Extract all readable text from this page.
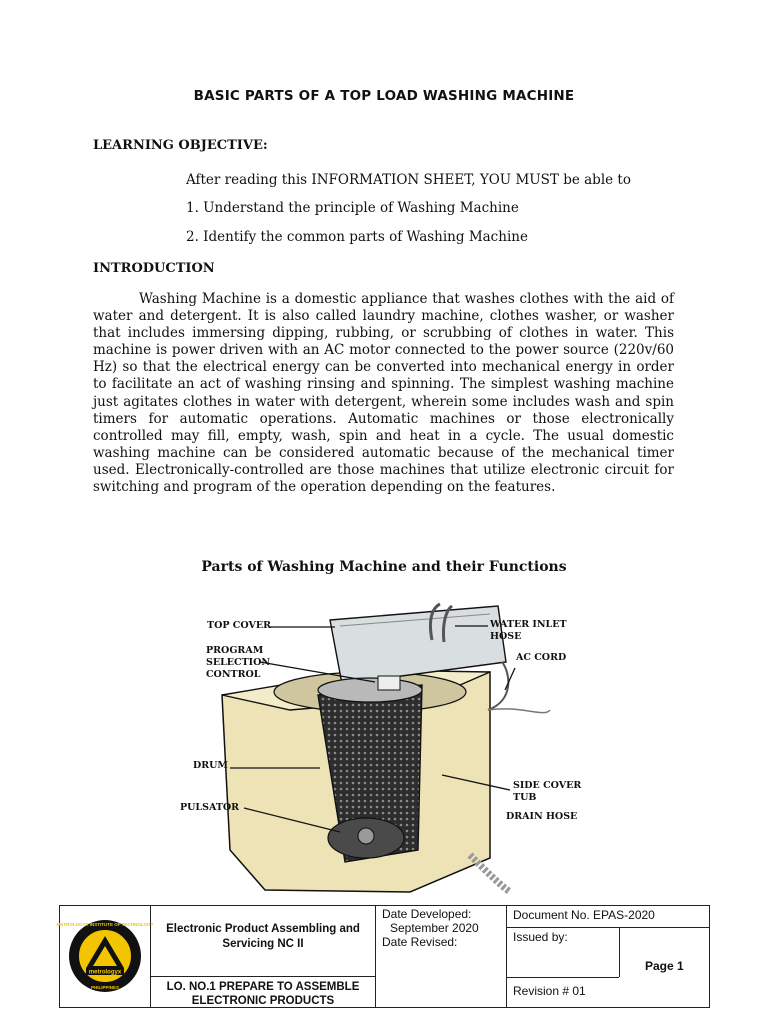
BASIC PARTS OF A TOP LOAD WASHING MACHINE
LEARNING OBJECTIVE:
After reading this INFORMATION SHEET, YOU MUST be able to
1. Understand the principle of Washing Machine
2. Identify the common parts of Washing Machine
INTRODUCTION
Washing Machine is a domestic appliance that washes clothes with the aid of water and detergent. It is also called laundry machine, clothes washer, or washer that includes immersing dipping, rubbing, or scrubbing of clothes in water. This machine is power driven with an AC motor connected to the power source (220v/60 Hz) so that the electrical energy can be converted into mechanical energy in order to facilitate an act of washing rinsing and spinning. The simplest washing machine just agitates clothes in water with detergent, wherein some includes wash and spin timers for automatic operations. Automatic machines or those electronically controlled may fill, empty, wash, spin and heat in a cycle. The usual domestic washing machine can be considered automatic because of the mechanical timer used. Electronically-controlled are those machines that utilize electronic circuit for switching and program of the operation depending on the features.
Parts of Washing Machine and their Functions
TOP COVER
PROGRAM
SELECTION
CONTROL
DRUM
PULSATOR
WATER INLET
HOSE
AC CORD
SIDE COVER
TUB
DRAIN HOSE
metrologyx
METROLOGYX INSTITUTE OF TECHNOLOGY
PHILIPPINES
Electronic Product Assembling and
Servicing NC II
LO. NO.1 PREPARE TO ASSEMBLE
ELECTRONIC PRODUCTS
Date Developed:
September 2020
Date Revised:
Document No. EPAS-2020
Issued by:
Revision # 01
Page 1
